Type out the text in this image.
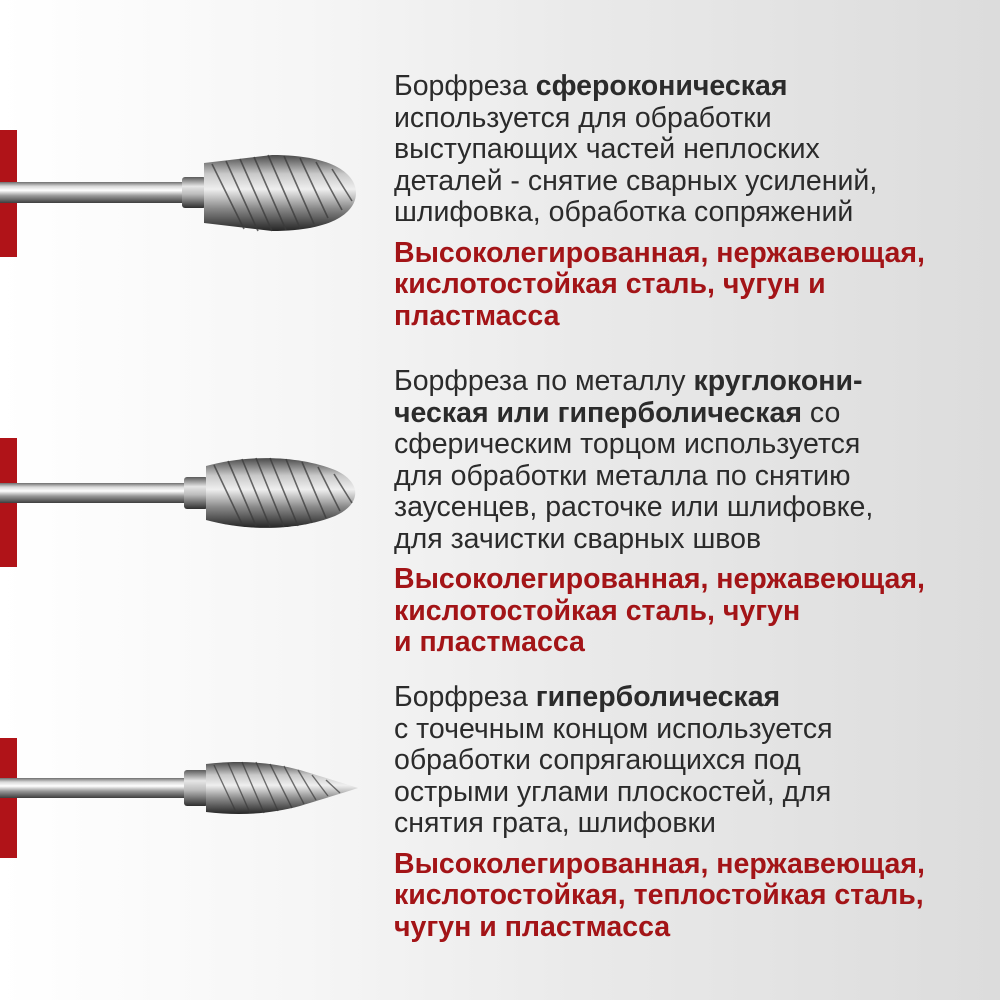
Борфреза сфероконическая
используется для обработки
выступающих частей неплоских
деталей - снятие сварных усилений,
шлифовка, обработка сопряжений
Высоколегированная, нержавеющая,
кислотостойкая сталь, чугун и
пластмасса
Борфреза по металлу круглокони-
ческая или гиперболическая со
сферическим торцом используется
для обработки металла по снятию
заусенцев, расточке или шлифовке,
для зачистки сварных швов
Высоколегированная, нержавеющая,
кислотостойкая сталь, чугун
и пластмасса
Борфреза гиперболическая
с точечным концом используется
обработки сопрягающихся под
острыми углами плоскостей, для
снятия грата, шлифовки
Высоколегированная, нержавеющая,
кислотостойкая, теплостойкая сталь,
чугун и пластмасса
